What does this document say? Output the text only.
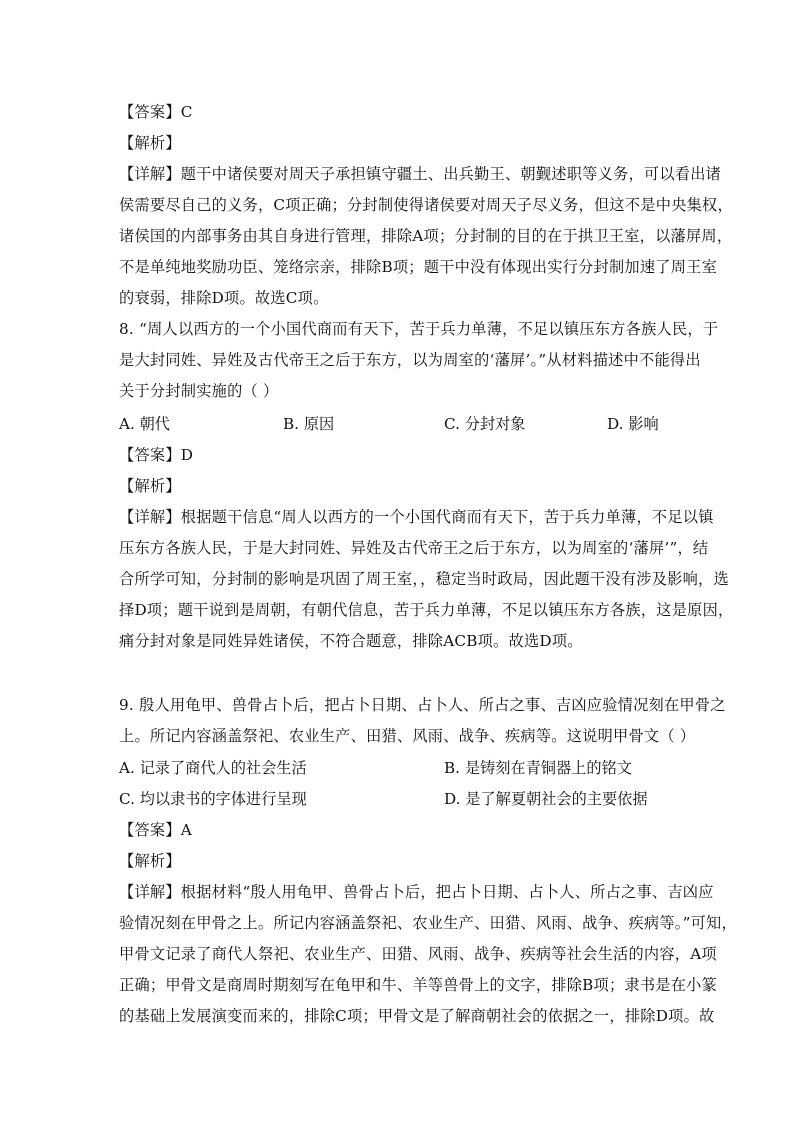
【答案】C
【解析】
【详解】题干中诸侯要对周天子承担镇守疆土、出兵勤王、朝觐述职等义务，可以看出诸
侯需要尽自己的义务，C项正确；分封制使得诸侯要对周天子尽义务，但这不是中央集权，
诸侯国的内部事务由其自身进行管理，排除A项；分封制的目的在于拱卫王室，以藩屏周，
不是单纯地奖励功臣、笼络宗亲，排除B项；题干中没有体现出实行分封制加速了周王室
的衰弱，排除D项。故选C项。
8. “周人以西方的一个小国代商而有天下，苦于兵力单薄，不足以镇压东方各族人民，于
是大封同姓、异姓及古代帝王之后于东方，以为周室的‘藩屏’。”从材料描述中不能得出
关于分封制实施的（ ）
A. 朝代	B. 原因	C. 分封对象	D. 影响
【答案】D
【解析】
【详解】根据题干信息“周人以西方的一个小国代商而有天下，苦于兵力单薄，不足以镇
压东方各族人民，于是大封同姓、异姓及古代帝王之后于东方，以为周室的‘藩屏’”，结
合所学可知，分封制的影响是巩固了周王室，，稳定当时政局，因此题干没有涉及影响，选
择D项；题干说到是周朝，有朝代信息，苦于兵力单薄，不足以镇压东方各族，这是原因，
痛分封对象是同姓异姓诸侯，不符合题意，排除ACB项。故选D项。
9. 殷人用龟甲、兽骨占卜后，把占卜日期、占卜人、所占之事、吉凶应验情况刻在甲骨之
上。所记内容涵盖祭祀、农业生产、田猎、风雨、战争、疾病等。这说明甲骨文（ ）
A. 记录了商代人的社会生活	B. 是铸刻在青铜器上的铭文
C. 均以隶书的字体进行呈现	D. 是了解夏朝社会的主要依据
【答案】A
【解析】
【详解】根据材料“殷人用龟甲、兽骨占卜后，把占卜日期、占卜人、所占之事、吉凶应
验情况刻在甲骨之上。所记内容涵盖祭祀、农业生产、田猎、风雨、战争、疾病等。”可知，
甲骨文记录了商代人祭祀、农业生产、田猎、风雨、战争、疾病等社会生活的内容，A项
正确；甲骨文是商周时期刻写在龟甲和牛、羊等兽骨上的文字，排除B项；隶书是在小篆
的基础上发展演变而来的，排除C项；甲骨文是了解商朝社会的依据之一，排除D项。故
